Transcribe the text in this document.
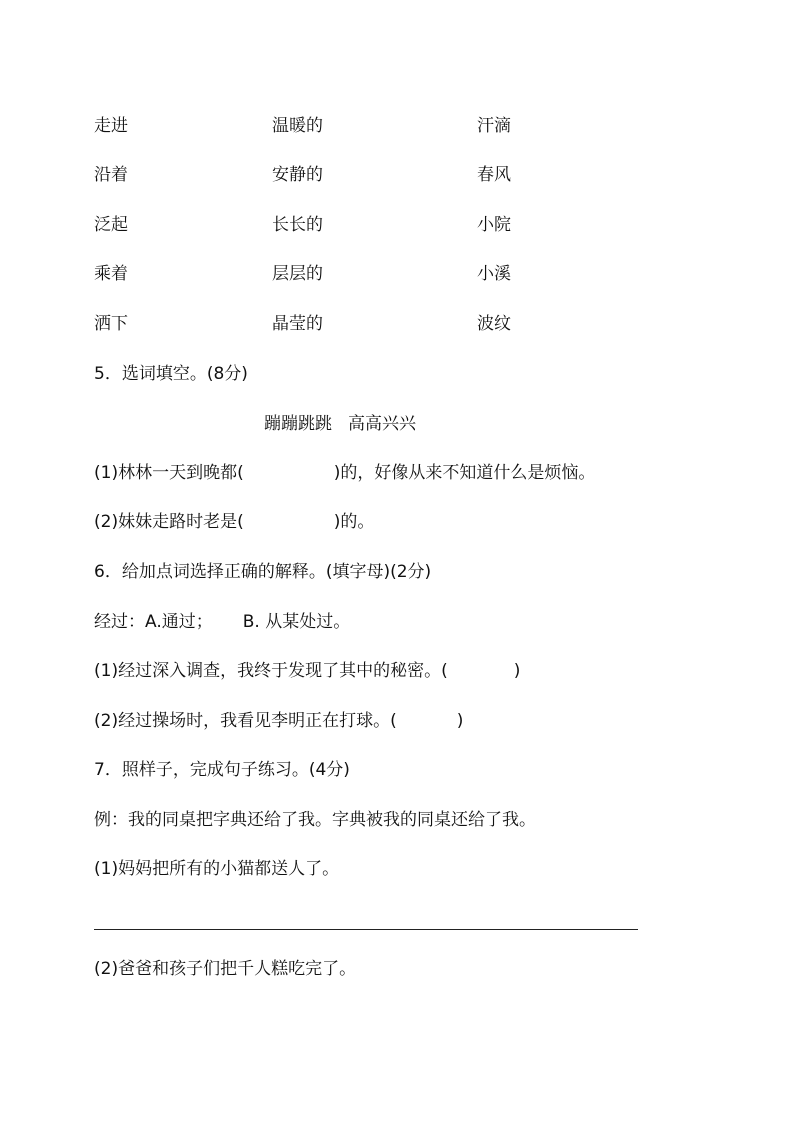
走进	温暖的	汗滴
沿着	安静的	春风
泛起	长长的	小院
乘着	层层的	小溪
洒下	晶莹的	波纹
5．选词填空。(8分)
蹦蹦跳跳 高高兴兴
(1)林林一天到晚都(	)的，好像从来不知道什么是烦恼。
(2)妹妹走路时老是(	)的。
6．给加点词选择正确的解释。(填字母)(2分)
经过：A.通过； B. 从某处过。
(1)经过深入调查，我终于发现了其中的秘密。(	)
(2)经过操场时，我看见李明正在打球。(	)
7．照样子，完成句子练习。(4分)
例：我的同桌把字典还给了我。字典被我的同桌还给了我。
(1)妈妈把所有的小猫都送人了。
(2)爸爸和孩子们把千人糕吃完了。
